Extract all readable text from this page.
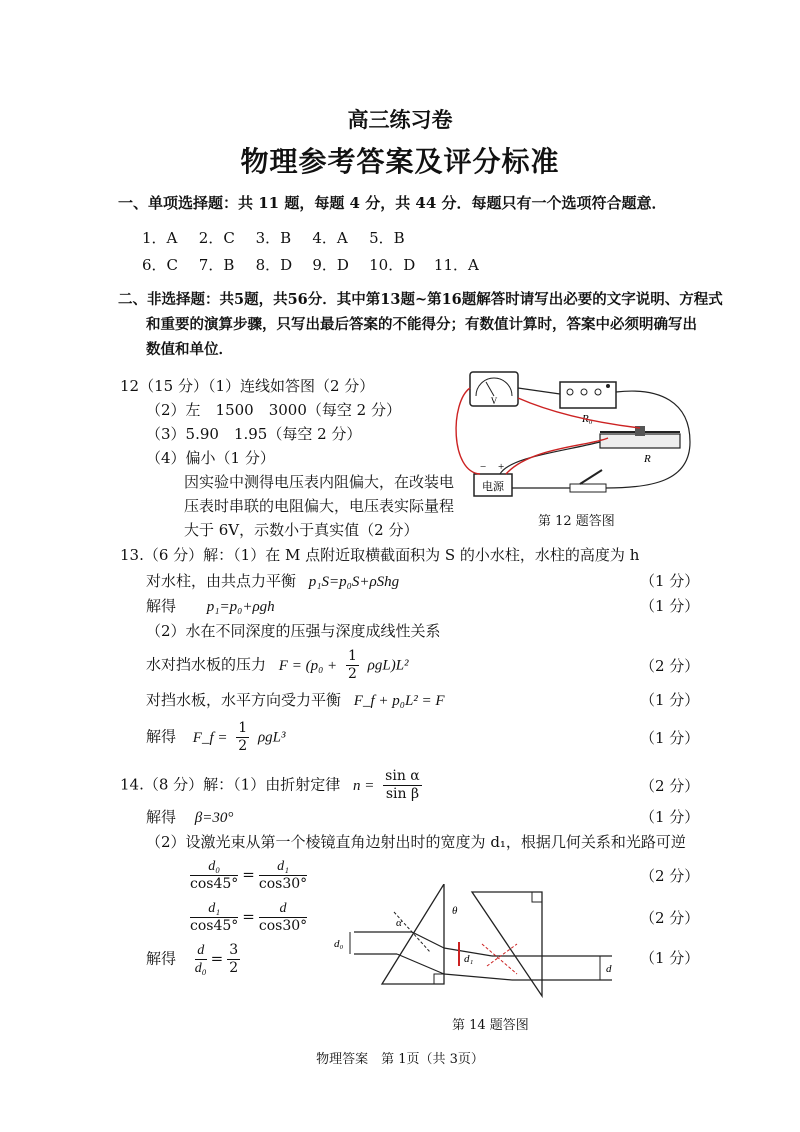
高三练习卷
物理参考答案及评分标准
一、单项选择题：共 11 题，每题 4 分，共 44 分．每题只有一个选项符合题意．
1．A 2．C 3．B 4．A 5．B
6．C 7．B 8．D 9．D 10．D 11．A
二、非选择题：共5题，共56分．其中第13题~第16题解答时请写出必要的文字说明、方程式
和重要的演算步骤，只写出最后答案的不能得分；有数值计算时，答案中必须明确写出
数值和单位．
12（15 分）（1）连线如答图（2 分）
（2）左　1500　3000（每空 2 分）
（3）5.90　1.95（每空 2 分）
（4）偏小（1 分）
因实验中测得电压表内阻偏大，在改装电
压表时串联的电阻偏大，电压表实际量程
大于 6V，示数小于真实值（2 分）
V
R₀
R
电源
− +
第 12 题答图
13.（6 分）解：（1）在 M 点附近取横截面积为 S 的小水柱，水柱的高度为 h
对水柱，由共点力平衡 p₁S=p₀S+ρShg	（1 分）
解得 p₁=p₀+ρgh	（1 分）
（2）水在不同深度的压强与深度成线性关系
水对挡水板的压力 $F = (p_0 + \frac{1}{2} \rho gL)L^2$	（2 分）
对挡水板，水平方向受力平衡 F_f + p₀L² = F	（1 分）
解得 F_f = $\frac{1}{2} \rho gL^3$	（1 分）
14.（8 分）解：（1）由折射定律 $n = \frac{\text{sin α}}{\text{sin β}}$	（2 分）
解得 β=30°	（1 分）
（2）设激光束从第一个棱镜直角边射出时的宽度为 d₁，根据几何关系和光路可逆
$\frac{\text{d₀}}{\cos 45^\circ} = \frac{\text{d₁}}{\cos 30^\circ}$	（2 分）
$\frac{\text{d₁}}{\cos 45^\circ} = \frac{d}{\cos 30^\circ}$	（2 分）
解得 $\frac{d}{\text{d₀}} = \frac{3}{2}$	（1 分）
d₀
α
θ
d₁
d
第 14 题答图
物理答案　第 1页（共 3页）
